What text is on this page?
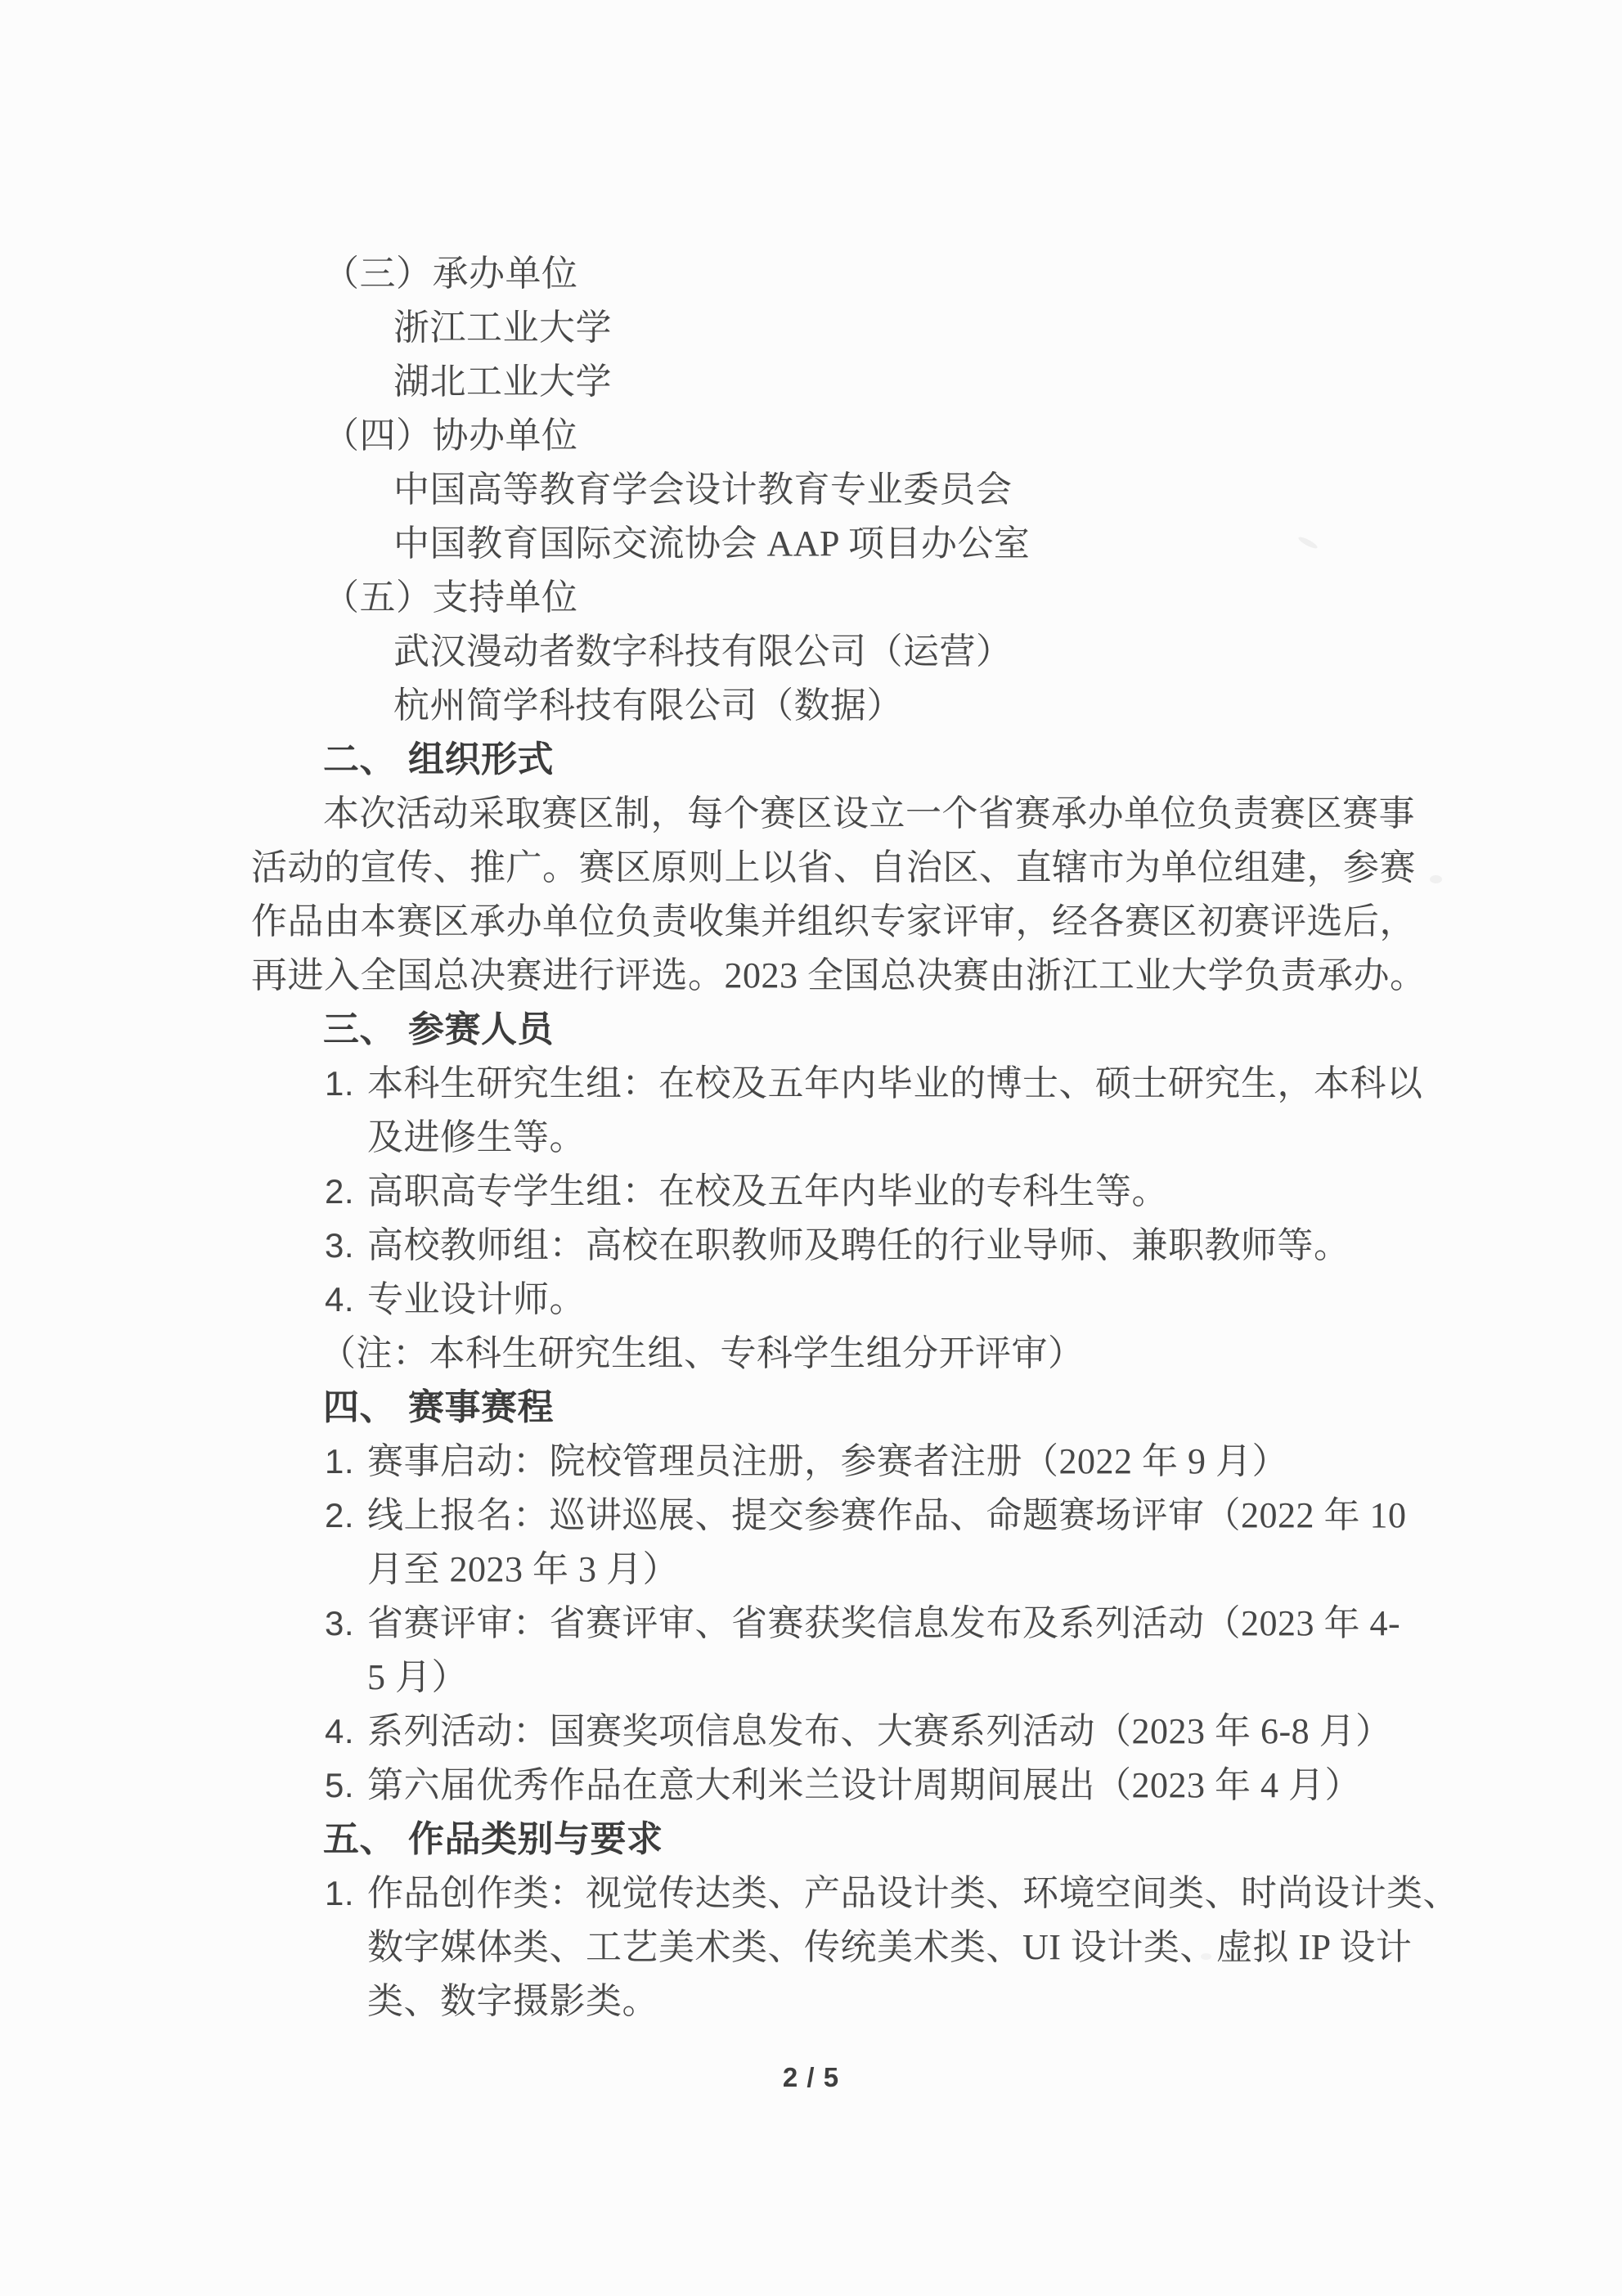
（三）承办单位
浙江工业大学
湖北工业大学
（四）协办单位
中国高等教育学会设计教育专业委员会
中国教育国际交流协会 AAP 项目办公室
（五）支持单位
武汉漫动者数字科技有限公司（运营）
杭州简学科技有限公司（数据）
二、 组织形式
本次活动采取赛区制，每个赛区设立一个省赛承办单位负责赛区赛事
活动的宣传、推广。赛区原则上以省、自治区、直辖市为单位组建，参赛
作品由本赛区承办单位负责收集并组织专家评审，经各赛区初赛评选后，
再进入全国总决赛进行评选。2023 全国总决赛由浙江工业大学负责承办。
三、 参赛人员
1. 本科生研究生组：在校及五年内毕业的博士、硕士研究生，本科以
及进修生等。
2. 高职高专学生组：在校及五年内毕业的专科生等。
3. 高校教师组：高校在职教师及聘任的行业导师、兼职教师等。
4. 专业设计师。
（注：本科生研究生组、专科学生组分开评审）
四、 赛事赛程
1. 赛事启动：院校管理员注册，参赛者注册（2022 年 9 月）
2. 线上报名：巡讲巡展、提交参赛作品、命题赛场评审（2022 年 10
月至 2023 年 3 月）
3. 省赛评审：省赛评审、省赛获奖信息发布及系列活动（2023 年 4-
5 月）
4. 系列活动：国赛奖项信息发布、大赛系列活动（2023 年 6-8 月）
5. 第六届优秀作品在意大利米兰设计周期间展出（2023 年 4 月）
五、 作品类别与要求
1. 作品创作类：视觉传达类、产品设计类、环境空间类、时尚设计类、
数字媒体类、工艺美术类、传统美术类、UI 设计类、虚拟 IP 设计
类、数字摄影类。
2 / 5
